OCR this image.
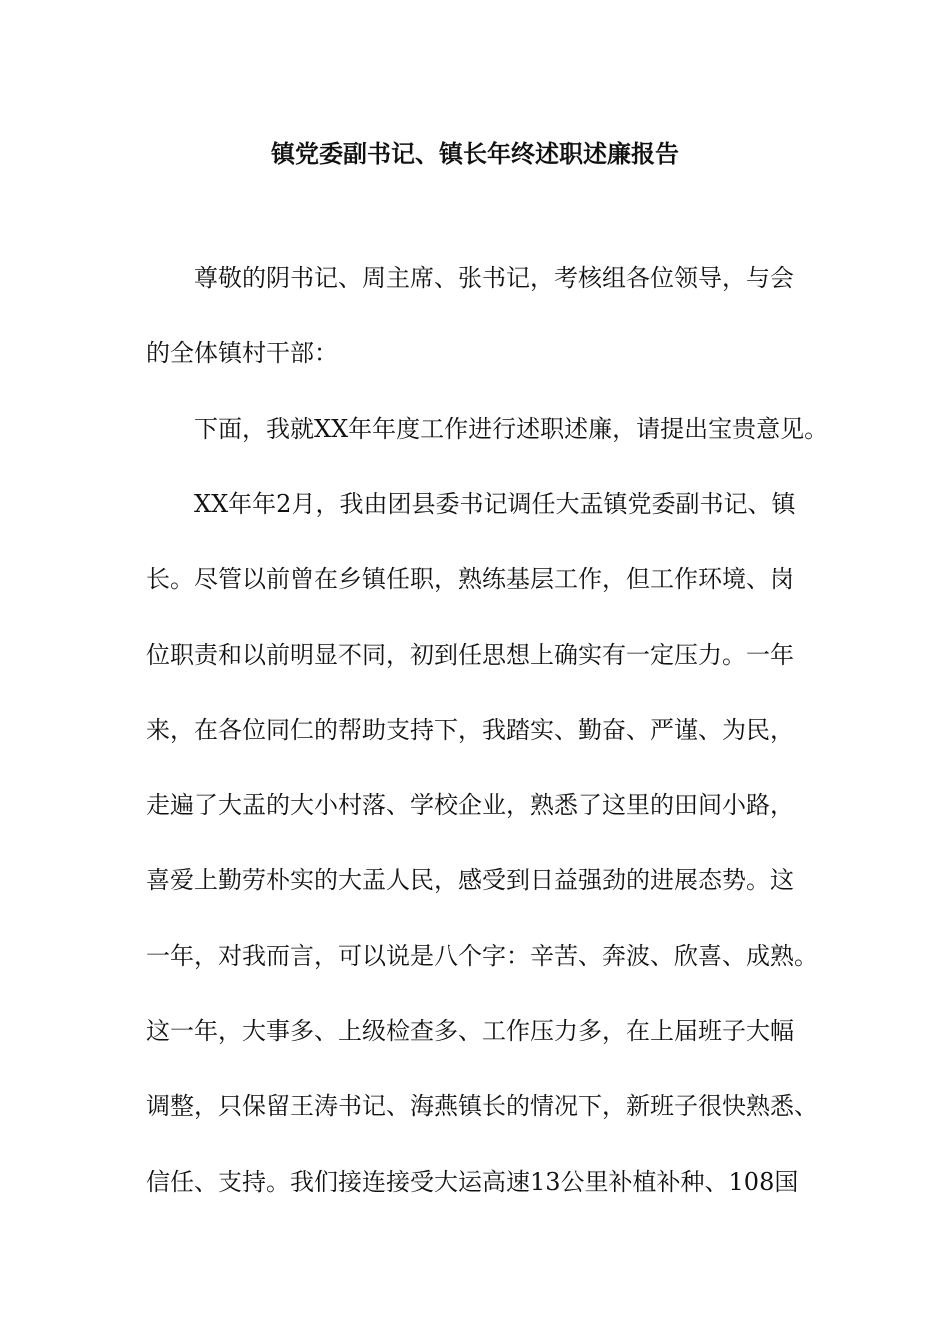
镇党委副书记、镇长年终述职述廉报告
尊敬的阴书记、周主席、张书记，考核组各位领导，与会
的全体镇村干部：
下面，我就XX年年度工作进行述职述廉，请提出宝贵意见。
XX年年2月，我由团县委书记调任大盂镇党委副书记、镇
长。尽管以前曾在乡镇任职，熟练基层工作，但工作环境、岗
位职责和以前明显不同，初到任思想上确实有一定压力。一年
来，在各位同仁的帮助支持下，我踏实、勤奋、严谨、为民，
走遍了大盂的大小村落、学校企业，熟悉了这里的田间小路，
喜爱上勤劳朴实的大盂人民，感受到日益强劲的进展态势。这
一年，对我而言，可以说是八个字：辛苦、奔波、欣喜、成熟。
这一年，大事多、上级检查多、工作压力多，在上届班子大幅
调整，只保留王涛书记、海燕镇长的情况下，新班子很快熟悉、
信任、支持。我们接连接受大运高速13公里补植补种、108国
